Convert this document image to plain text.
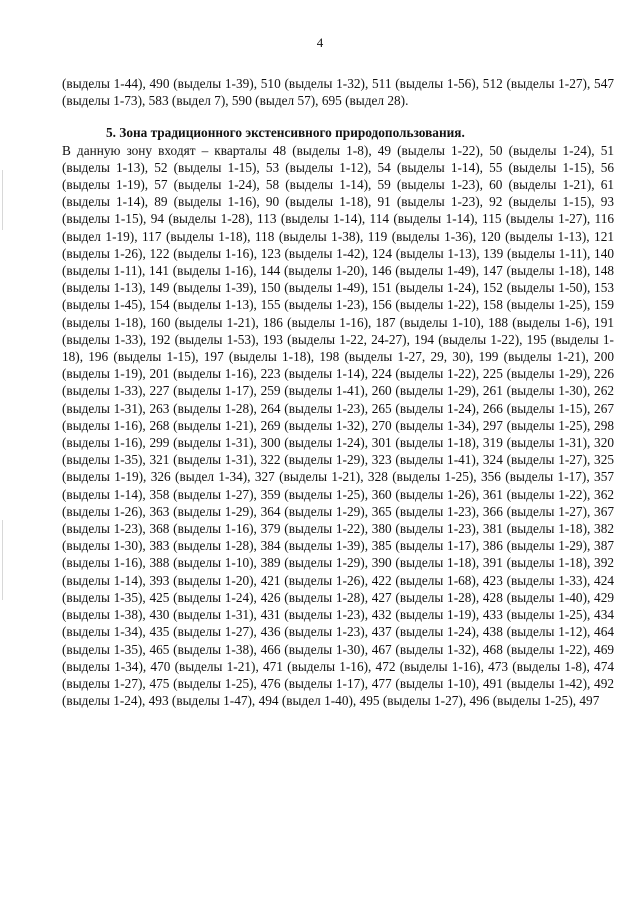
4

(выделы 1-44), 490 (выделы 1-39), 510 (выделы 1-32), 511 (выделы 1-56), 512 (выделы 1-27), 547 (выделы 1-73), 583 (выдел 7), 590 (выдел 57), 695 (выдел 28).

5. Зона традиционного экстенсивного природопользования.

В данную зону входят – кварталы 48 (выделы 1-8), 49 (выделы 1-22), 50 (выделы 1-24), 51 (выделы 1-13), 52 (выделы 1-15), 53 (выделы 1-12), 54 (выделы 1-14), 55 (выделы 1-15), 56 (выделы 1-19), 57 (выделы 1-24), 58 (выделы 1-14), 59 (выделы 1-23), 60 (выделы 1-21), 61 (выделы 1-14), 89 (выделы 1-16), 90 (выделы 1-18), 91 (выделы 1-23), 92 (выделы 1-15), 93 (выделы 1-15), 94 (выделы 1-28), 113 (выделы 1-14), 114 (выделы 1-14), 115 (выделы 1-27), 116 (выдел 1-19), 117 (выделы 1-18), 118 (выделы 1-38), 119 (выделы 1-36), 120 (выделы 1-13), 121 (выделы 1-26), 122 (выделы 1-16), 123 (выделы 1-42), 124 (выделы 1-13), 139 (выделы 1-11), 140 (выделы 1-11), 141 (выделы 1-16), 144 (выделы 1-20), 146 (выделы 1-49), 147 (выделы 1-18), 148 (выделы 1-13), 149 (выделы 1-39), 150 (выделы 1-49), 151 (выделы 1-24), 152 (выделы 1-50), 153 (выделы 1-45), 154 (выделы 1-13), 155 (выделы 1-23), 156 (выделы 1-22), 158 (выделы 1-25), 159 (выделы 1-18), 160 (выделы 1-21), 186 (выделы 1-16), 187 (выделы 1-10), 188 (выделы 1-6), 191 (выделы 1-33), 192 (выделы 1-53), 193 (выделы 1-22, 24-27), 194 (выделы 1-22), 195 (выделы 1-18), 196 (выделы 1-15), 197 (выделы 1-18), 198 (выделы 1-27, 29, 30), 199 (выделы 1-21), 200 (выделы 1-19), 201 (выделы 1-16), 223 (выделы 1-14), 224 (выделы 1-22), 225 (выделы 1-29), 226 (выделы 1-33), 227 (выделы 1-17), 259 (выделы 1-41), 260 (выделы 1-29), 261 (выделы 1-30), 262 (выделы 1-31), 263 (выделы 1-28), 264 (выделы 1-23), 265 (выделы 1-24), 266 (выделы 1-15), 267 (выделы 1-16), 268 (выделы 1-21), 269 (выделы 1-32), 270 (выделы 1-34), 297 (выделы 1-25), 298 (выделы 1-16), 299 (выделы 1-31), 300 (выделы 1-24), 301 (выделы 1-18), 319 (выделы 1-31), 320 (выделы 1-35), 321 (выделы 1-31), 322 (выделы 1-29), 323 (выделы 1-41), 324 (выделы 1-27), 325 (выделы 1-19), 326 (выдел 1-34), 327 (выделы 1-21), 328 (выделы 1-25), 356 (выделы 1-17), 357 (выделы 1-14), 358 (выделы 1-27), 359 (выделы 1-25), 360 (выделы 1-26), 361 (выделы 1-22), 362 (выделы 1-26), 363 (выделы 1-29), 364 (выделы 1-29), 365 (выделы 1-23), 366 (выделы 1-27), 367 (выделы 1-23), 368 (выделы 1-16), 379 (выделы 1-22), 380 (выделы 1-23), 381 (выделы 1-18), 382 (выделы 1-30), 383 (выделы 1-28), 384 (выделы 1-39), 385 (выделы 1-17), 386 (выделы 1-29), 387 (выделы 1-16), 388 (выделы 1-10), 389 (выделы 1-29), 390 (выделы 1-18), 391 (выделы 1-18), 392 (выделы 1-14), 393 (выделы 1-20), 421 (выделы 1-26), 422 (выделы 1-68), 423 (выделы 1-33), 424 (выделы 1-35), 425 (выделы 1-24), 426 (выделы 1-28), 427 (выделы 1-28), 428 (выделы 1-40), 429 (выделы 1-38), 430 (выделы 1-31), 431 (выделы 1-23), 432 (выделы 1-19), 433 (выделы 1-25), 434 (выделы 1-34), 435 (выделы 1-27), 436 (выделы 1-23), 437 (выделы 1-24), 438 (выделы 1-12), 464 (выделы 1-35), 465 (выделы 1-38), 466 (выделы 1-30), 467 (выделы 1-32), 468 (выделы 1-22), 469 (выделы 1-34), 470 (выделы 1-21), 471 (выделы 1-16), 472 (выделы 1-16), 473 (выделы 1-8), 474 (выделы 1-27), 475 (выделы 1-25), 476 (выделы 1-17), 477 (выделы 1-10), 491 (выделы 1-42), 492 (выделы 1-24), 493 (выделы 1-47), 494 (выдел 1-40), 495 (выделы 1-27), 496 (выделы 1-25), 497
